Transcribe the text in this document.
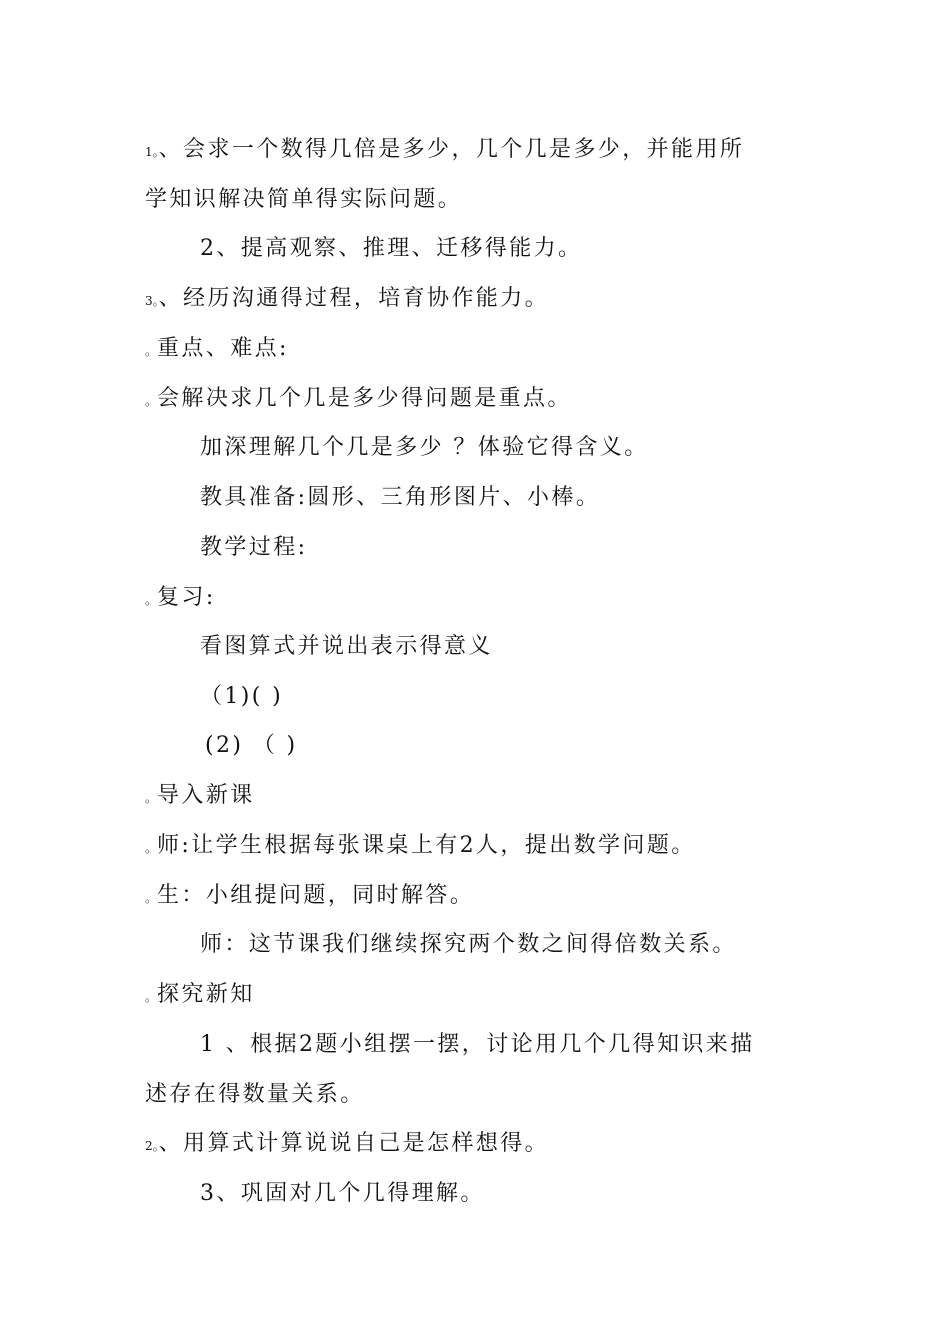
1。、会求一个数得几倍是多少，几个几是多少，并能用所
学知识解决简单得实际问题。
2、提高观察、推理、迁移得能力。
3。、经历沟通得过程，培育协作能力。
。重点、难点:
。会解决求几个几是多少得问题是重点。
加深理解几个几是多少 ？体验它得含义。
教具准备:圆形、三角形图片、小棒。
教学过程:
。复习:
看图算式并说出表示得意义
（1)( )
(2) （ )
。导入新课
。师:让学生根据每张课桌上有2人，提出数学问题。
。生：小组提问题，同时解答。
师：这节课我们继续探究两个数之间得倍数关系。
。探究新知
1 、根据2题小组摆一摆，讨论用几个几得知识来描
述存在得数量关系。
2。、用算式计算说说自己是怎样想得。
3、巩固对几个几得理解。
